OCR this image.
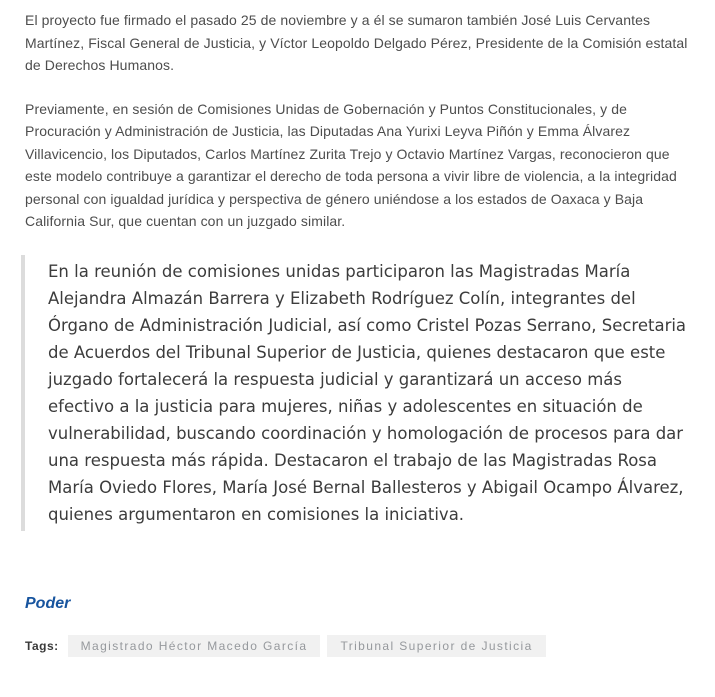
El proyecto fue firmado el pasado 25 de noviembre y a él se sumaron también José Luis Cervantes Martínez, Fiscal General de Justicia, y Víctor Leopoldo Delgado Pérez, Presidente de la Comisión estatal de Derechos Humanos.

Previamente, en sesión de Comisiones Unidas de Gobernación y Puntos Constitucionales, y de Procuración y Administración de Justicia, las Diputadas Ana Yurixi Leyva Piñón y Emma Álvarez Villavicencio, los Diputados, Carlos Martínez Zurita Trejo y Octavio Martínez Vargas, reconocieron que este modelo contribuye a garantizar el derecho de toda persona a vivir libre de violencia, a la integridad personal con igualdad jurídica y perspectiva de género uniéndose a los estados de Oaxaca y Baja California Sur, que cuentan con un juzgado similar.

En la reunión de comisiones unidas participaron las Magistradas María Alejandra Almazán Barrera y Elizabeth Rodríguez Colín, integrantes del Órgano de Administración Judicial, así como Cristel Pozas Serrano, Secretaria de Acuerdos del Tribunal Superior de Justicia, quienes destacaron que este juzgado fortalecerá la respuesta judicial y garantizará un acceso más efectivo a la justicia para mujeres, niñas y adolescentes en situación de vulnerabilidad, buscando coordinación y homologación de procesos para dar una respuesta más rápida. Destacaron el trabajo de las Magistradas Rosa María Oviedo Flores, María José Bernal Ballesteros y Abigail Ocampo Álvarez, quienes argumentaron en comisiones la iniciativa.
Poder
Tags:	Magistrado Héctor Macedo García	Tribunal Superior de Justicia
